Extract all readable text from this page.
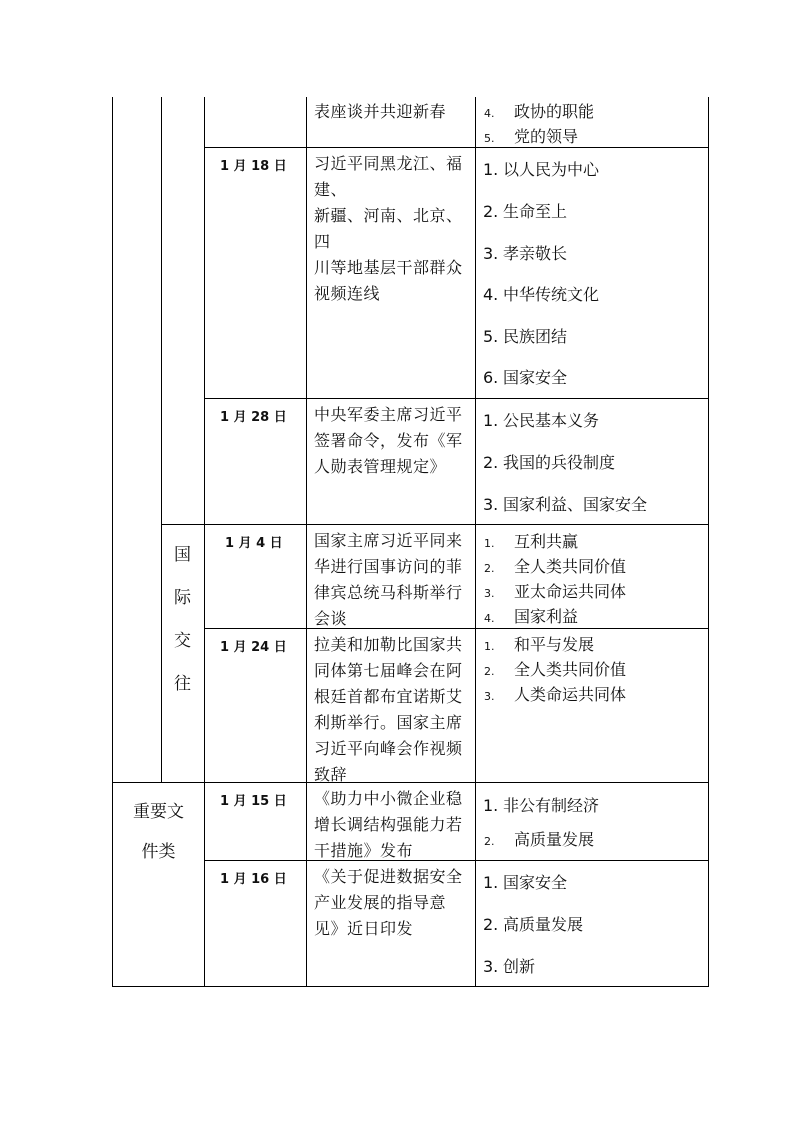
表座谈并共迎新春	4. 政协的职能
5. 党的领导
1 月 18 日 习近平同黑龙江、福建、
新疆、河南、北京、四
川等地基层干部群众
视频连线
1. 以人民为中心
2. 生命至上
3. 孝亲敬长
4. 中华传统文化
5. 民族团结
6. 国家安全
1 月 28 日 中央军委主席习近平
签署命令，发布《军
人勋表管理规定》
1. 公民基本义务
2. 我国的兵役制度
3. 国家利益、国家安全
国
际
交
往
1 月 4 日 国家主席习近平同来
华进行国事访问的菲
律宾总统马科斯举行
会谈
1. 互利共赢
2. 全人类共同价值
3. 亚太命运共同体
4. 国家利益
1 月 24 日 拉美和加勒比国家共
同体第七届峰会在阿
根廷首都布宜诺斯艾
利斯举行。国家主席
习近平向峰会作视频
致辞
1. 和平与发展
2. 全人类共同价值
3. 人类命运共同体
重要文
件类
1 月 15 日 《助力中小微企业稳
增长调结构强能力若
干措施》发布
1. 非公有制经济
2. 高质量发展
1 月 16 日 《关于促进数据安全
产业发展的指导意
见》近日印发
1. 国家安全
2. 高质量发展
3. 创新
